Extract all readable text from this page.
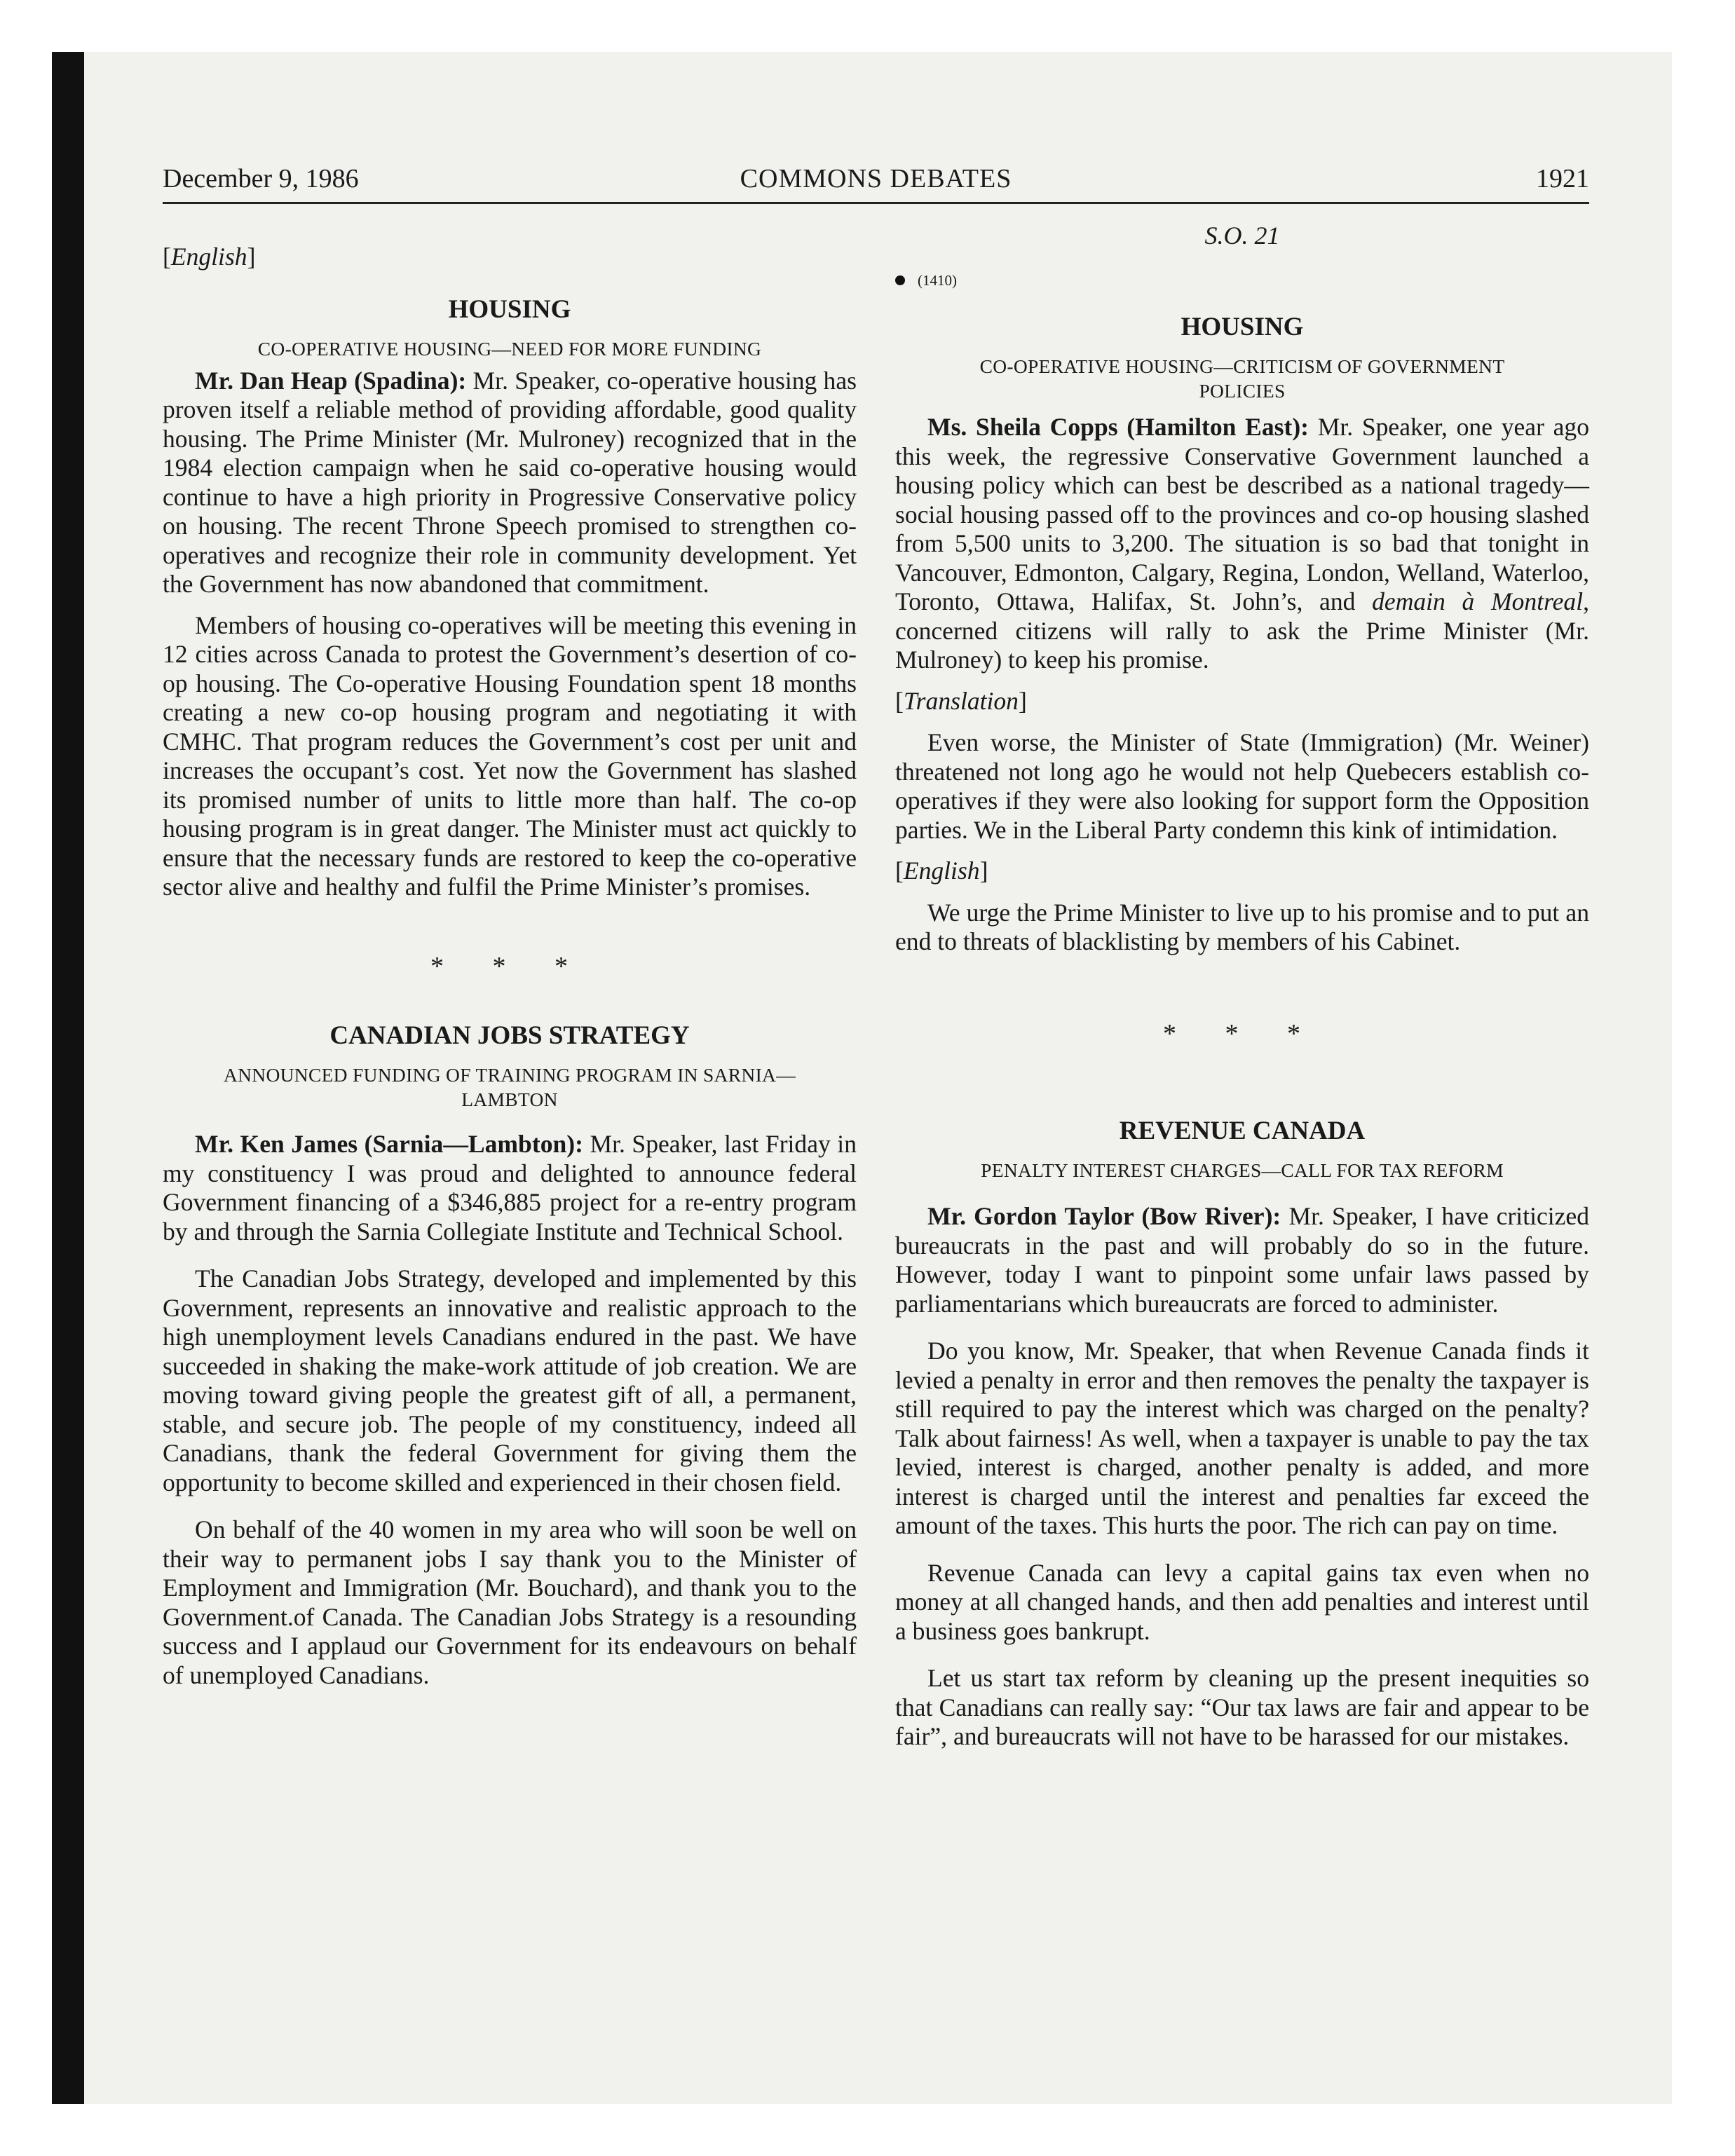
December 9, 1986	COMMONS DEBATES	1921
[English]
HOUSING
CO-OPERATIVE HOUSING—NEED FOR MORE FUNDING

Mr. Dan Heap (Spadina): Mr. Speaker, co-operative housing has proven itself a reliable method of providing affordable, good quality housing. The Prime Minister (Mr. Mulroney) recognized that in the 1984 election campaign when he said co-operative housing would continue to have a high priority in Progressive Conservative policy on housing. The recent Throne Speech promised to strengthen co-operatives and recognize their role in community development. Yet the Government has now abandoned that commitment.

Members of housing co-operatives will be meeting this evening in 12 cities across Canada to protest the Government’s desertion of co-op housing. The Co-operative Housing Foundation spent 18 months creating a new co-op housing program and negotiating it with CMHC. That program reduces the Government’s cost per unit and increases the occupant’s cost. Yet now the Government has slashed its promised number of units to little more than half. The co-op housing program is in great danger. The Minister must act quickly to ensure that the necessary funds are restored to keep the co-operative sector alive and healthy and fulfil the Prime Minister’s promises.

* * *
CANADIAN JOBS STRATEGY
ANNOUNCED FUNDING OF TRAINING PROGRAM IN SARNIA—LAMBTON

Mr. Ken James (Sarnia—Lambton): Mr. Speaker, last Friday in my constituency I was proud and delighted to announce federal Government financing of a $346,885 project for a re-entry program by and through the Sarnia Collegiate Institute and Technical School.

The Canadian Jobs Strategy, developed and implemented by this Government, represents an innovative and realistic approach to the high unemployment levels Canadians endured in the past. We have succeeded in shaking the make-work attitude of job creation. We are moving toward giving people the greatest gift of all, a permanent, stable, and secure job. The people of my constituency, indeed all Canadians, thank the federal Government for giving them the opportunity to become skilled and experienced in their chosen field.

On behalf of the 40 women in my area who will soon be well on their way to permanent jobs I say thank you to the Minister of Employment and Immigration (Mr. Bouchard), and thank you to the Government.of Canada. The Canadian Jobs Strategy is a resounding success and I applaud our Government for its endeavours on behalf of unemployed Canadians.

S.O. 21
(1410)
HOUSING
CO-OPERATIVE HOUSING—CRITICISM OF GOVERNMENT POLICIES

Ms. Sheila Copps (Hamilton East): Mr. Speaker, one year ago this week, the regressive Conservative Government launched a housing policy which can best be described as a national tragedy—social housing passed off to the provinces and co-op housing slashed from 5,500 units to 3,200. The situation is so bad that tonight in Vancouver, Edmonton, Calgary, Regina, London, Welland, Waterloo, Toronto, Ottawa, Halifax, St. John’s, and demain à Montreal, concerned citizens will rally to ask the Prime Minister (Mr. Mulroney) to keep his promise.

[Translation]

Even worse, the Minister of State (Immigration) (Mr. Weiner) threatened not long ago he would not help Quebecers establish co-operatives if they were also looking for support form the Opposition parties. We in the Liberal Party condemn this kink of intimidation.

[English]

We urge the Prime Minister to live up to his promise and to put an end to threats of blacklisting by members of his Cabinet.

* * *
REVENUE CANADA
PENALTY INTEREST CHARGES—CALL FOR TAX REFORM

Mr. Gordon Taylor (Bow River): Mr. Speaker, I have criticized bureaucrats in the past and will probably do so in the future. However, today I want to pinpoint some unfair laws passed by parliamentarians which bureaucrats are forced to administer.

Do you know, Mr. Speaker, that when Revenue Canada finds it levied a penalty in error and then removes the penalty the taxpayer is still required to pay the interest which was charged on the penalty? Talk about fairness! As well, when a taxpayer is unable to pay the tax levied, interest is charged, another penalty is added, and more interest is charged until the interest and penalties far exceed the amount of the taxes. This hurts the poor. The rich can pay on time.

Revenue Canada can levy a capital gains tax even when no money at all changed hands, and then add penalties and interest until a business goes bankrupt.

Let us start tax reform by cleaning up the present inequities so that Canadians can really say: “Our tax laws are fair and appear to be fair”, and bureaucrats will not have to be harassed for our mistakes.
